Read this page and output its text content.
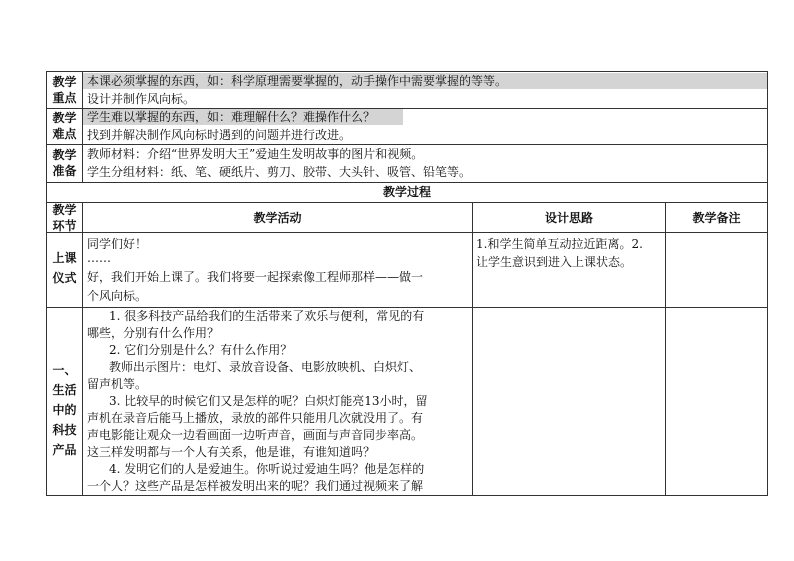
教学
重点
本课必须掌握的东西，如：科学原理需要掌握的，动手操作中需要掌握的等等。
设计并制作风向标。
教学
难点
学生难以掌握的东西，如：难理解什么？难操作什么？
找到并解决制作风向标时遇到的问题并进行改进。
教学
准备
教师材料：介绍“世界发明大王”爱迪生发明故事的图片和视频。
学生分组材料：纸、笔、硬纸片、剪刀、胶带、大头针、吸管、铅笔等。
教学过程
教学
环节
教学活动	设计思路	教学备注
上课
仪式
同学们好！
……
好，我们开始上课了。我们将要一起探索像工程师那样——做一
个风向标。
1.和学生简单互动拉近距离。2.
让学生意识到进入上课状态。
一、
生活
中的
科技
产品
1. 很多科技产品给我们的生活带来了欢乐与便利，常见的有
哪些，分别有什么作用？
2. 它们分别是什么？有什么作用？
教师出示图片：电灯、录放音设备、电影放映机、白炽灯、
留声机等。
3. 比较早的时候它们又是怎样的呢？白炽灯能亮13小时，留
声机在录音后能马上播放，录放的部件只能用几次就没用了。有
声电影能让观众一边看画面一边听声音，画面与声音同步率高。
这三样发明都与一个人有关系，他是谁，有谁知道吗？
4. 发明它们的人是爱迪生。你听说过爱迪生吗？他是怎样的
一个人？这些产品是怎样被发明出来的呢？我们通过视频来了解
